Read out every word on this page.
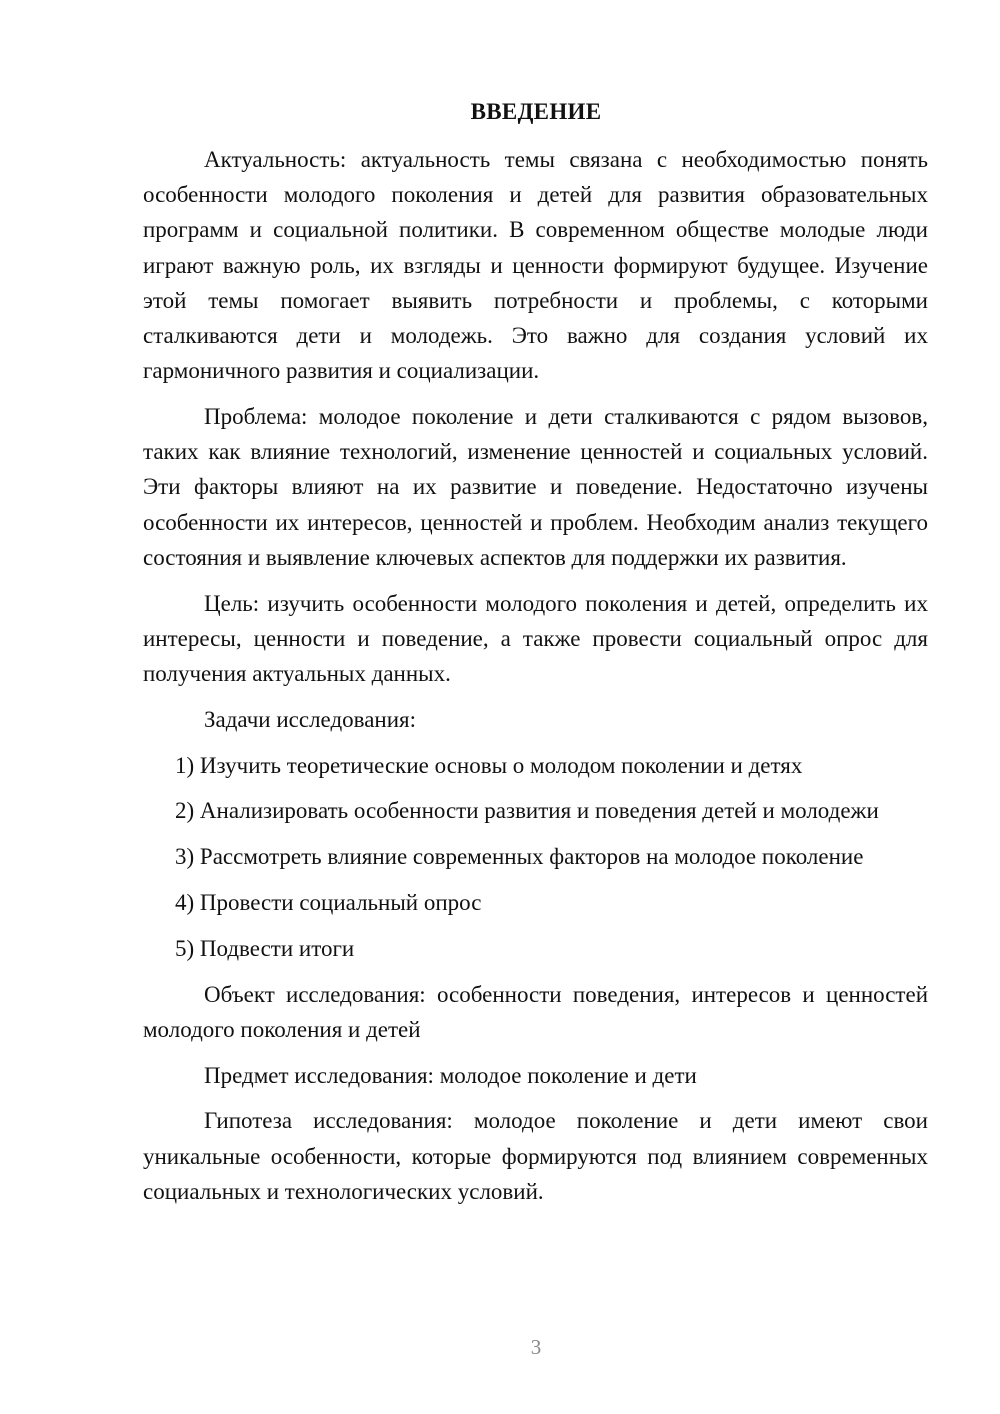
ВВЕДЕНИЕ

Актуальность: актуальность темы связана с необходимостью понять особенности молодого поколения и детей для развития образовательных программ и социальной политики. В современном обществе молодые люди играют важную роль, их взгляды и ценности формируют будущее. Изучение этой темы помогает выявить потребности и проблемы, с которыми сталкиваются дети и молодежь. Это важно для создания условий их гармоничного развития и социализации.

Проблема: молодое поколение и дети сталкиваются с рядом вызовов, таких как влияние технологий, изменение ценностей и социальных условий. Эти факторы влияют на их развитие и поведение. Недостаточно изучены особенности их интересов, ценностей и проблем. Необходим анализ текущего состояния и выявление ключевых аспектов для поддержки их развития.

Цель: изучить особенности молодого поколения и детей, определить их интересы, ценности и поведение, а также провести социальный опрос для получения актуальных данных.

Задачи исследования:

1) Изучить теоретические основы о молодом поколении и детях

2) Анализировать особенности развития и поведения детей и молодежи

3) Рассмотреть влияние современных факторов на молодое поколение

4) Провести социальный опрос

5) Подвести итоги

Объект исследования: особенности поведения, интересов и ценностей молодого поколения и детей

Предмет исследования: молодое поколение и дети

Гипотеза исследования: молодое поколение и дети имеют свои уникальные особенности, которые формируются под влиянием современных социальных и технологических условий.

3
